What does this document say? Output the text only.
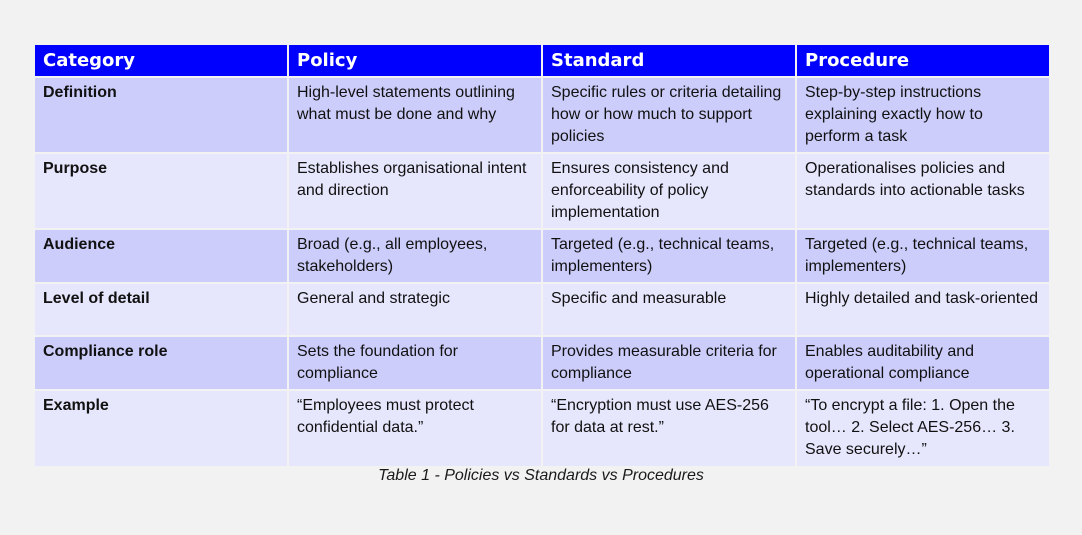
Category	Policy	Standard	Procedure
Definition	High-level statements outlining what must be done and why	Specific rules or criteria detailing how or how much to support policies	Step-by-step instructions explaining exactly how to perform a task
Purpose	Establishes organisational intent and direction	Ensures consistency and enforceability of policy implementation	Operationalises policies and standards into actionable tasks
Audience	Broad (e.g., all employees, stakeholders)	Targeted (e.g., technical teams, implementers)	Targeted (e.g., technical teams, implementers)
Level of detail	General and strategic	Specific and measurable	Highly detailed and task-oriented
Compliance role	Sets the foundation for compliance	Provides measurable criteria for compliance	Enables auditability and operational compliance
Example	“Employees must protect confidential data.”	“Encryption must use AES-256 for data at rest.”	“To encrypt a file: 1. Open the tool… 2. Select AES-256… 3. Save securely…”
Table 1 - Policies vs Standards vs Procedures
